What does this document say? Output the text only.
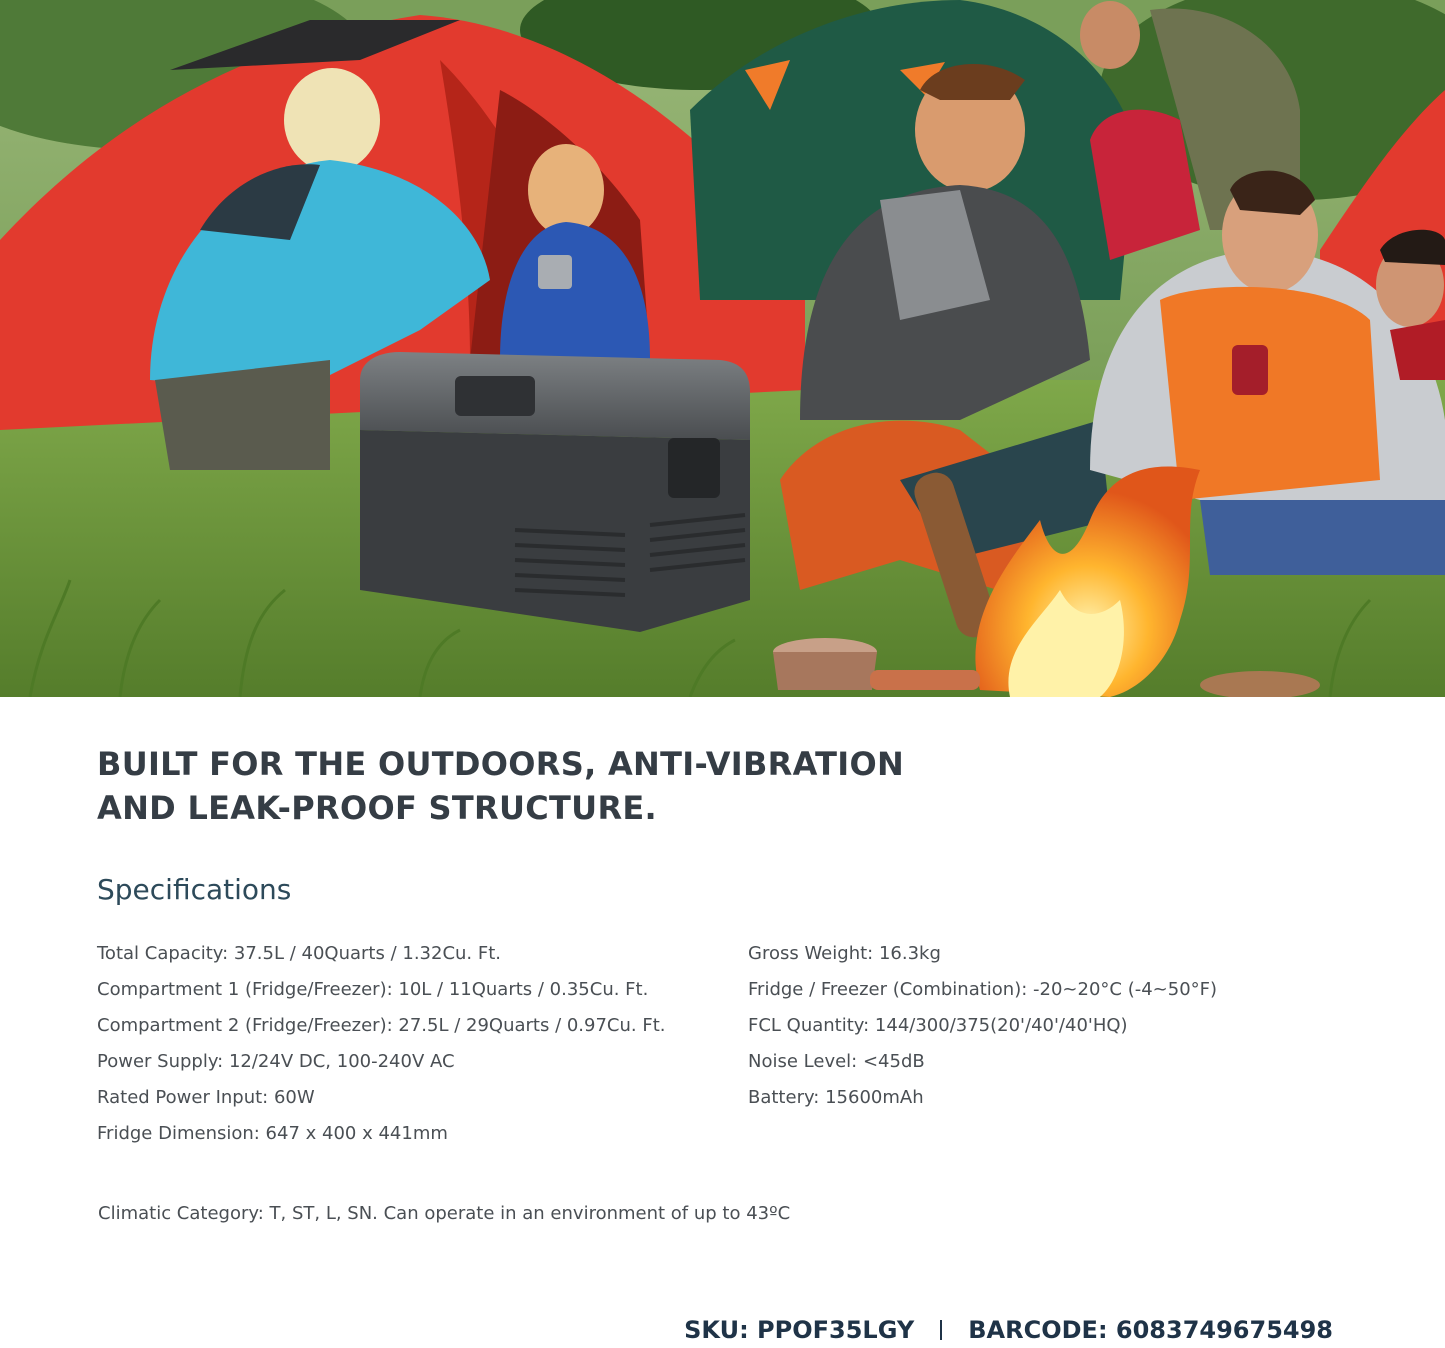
BUILT FOR THE OUTDOORS, ANTI-VIBRATION
AND LEAK-PROOF STRUCTURE.
Specifications
Total Capacity: 37.5L / 40Quarts / 1.32Cu. Ft.
Compartment 1 (Fridge/Freezer): 10L / 11Quarts / 0.35Cu. Ft.
Compartment 2 (Fridge/Freezer): 27.5L / 29Quarts / 0.97Cu. Ft.
Power Supply: 12/24V DC, 100-240V AC
Rated Power Input: 60W
Fridge Dimension: 647 x 400 x 441mm
Gross Weight: 16.3kg
Fridge / Freezer (Combination): -20~20°C (-4~50°F)
FCL Quantity: 144/300/375(20'/40'/40'HQ)
Noise Level: <45dB
Battery: 15600mAh

Climatic Category: T, ST, L, SN. Can operate in an environment of up to 43ºC

SKU: PPOF35LGY BARCODE: 6083749675498
